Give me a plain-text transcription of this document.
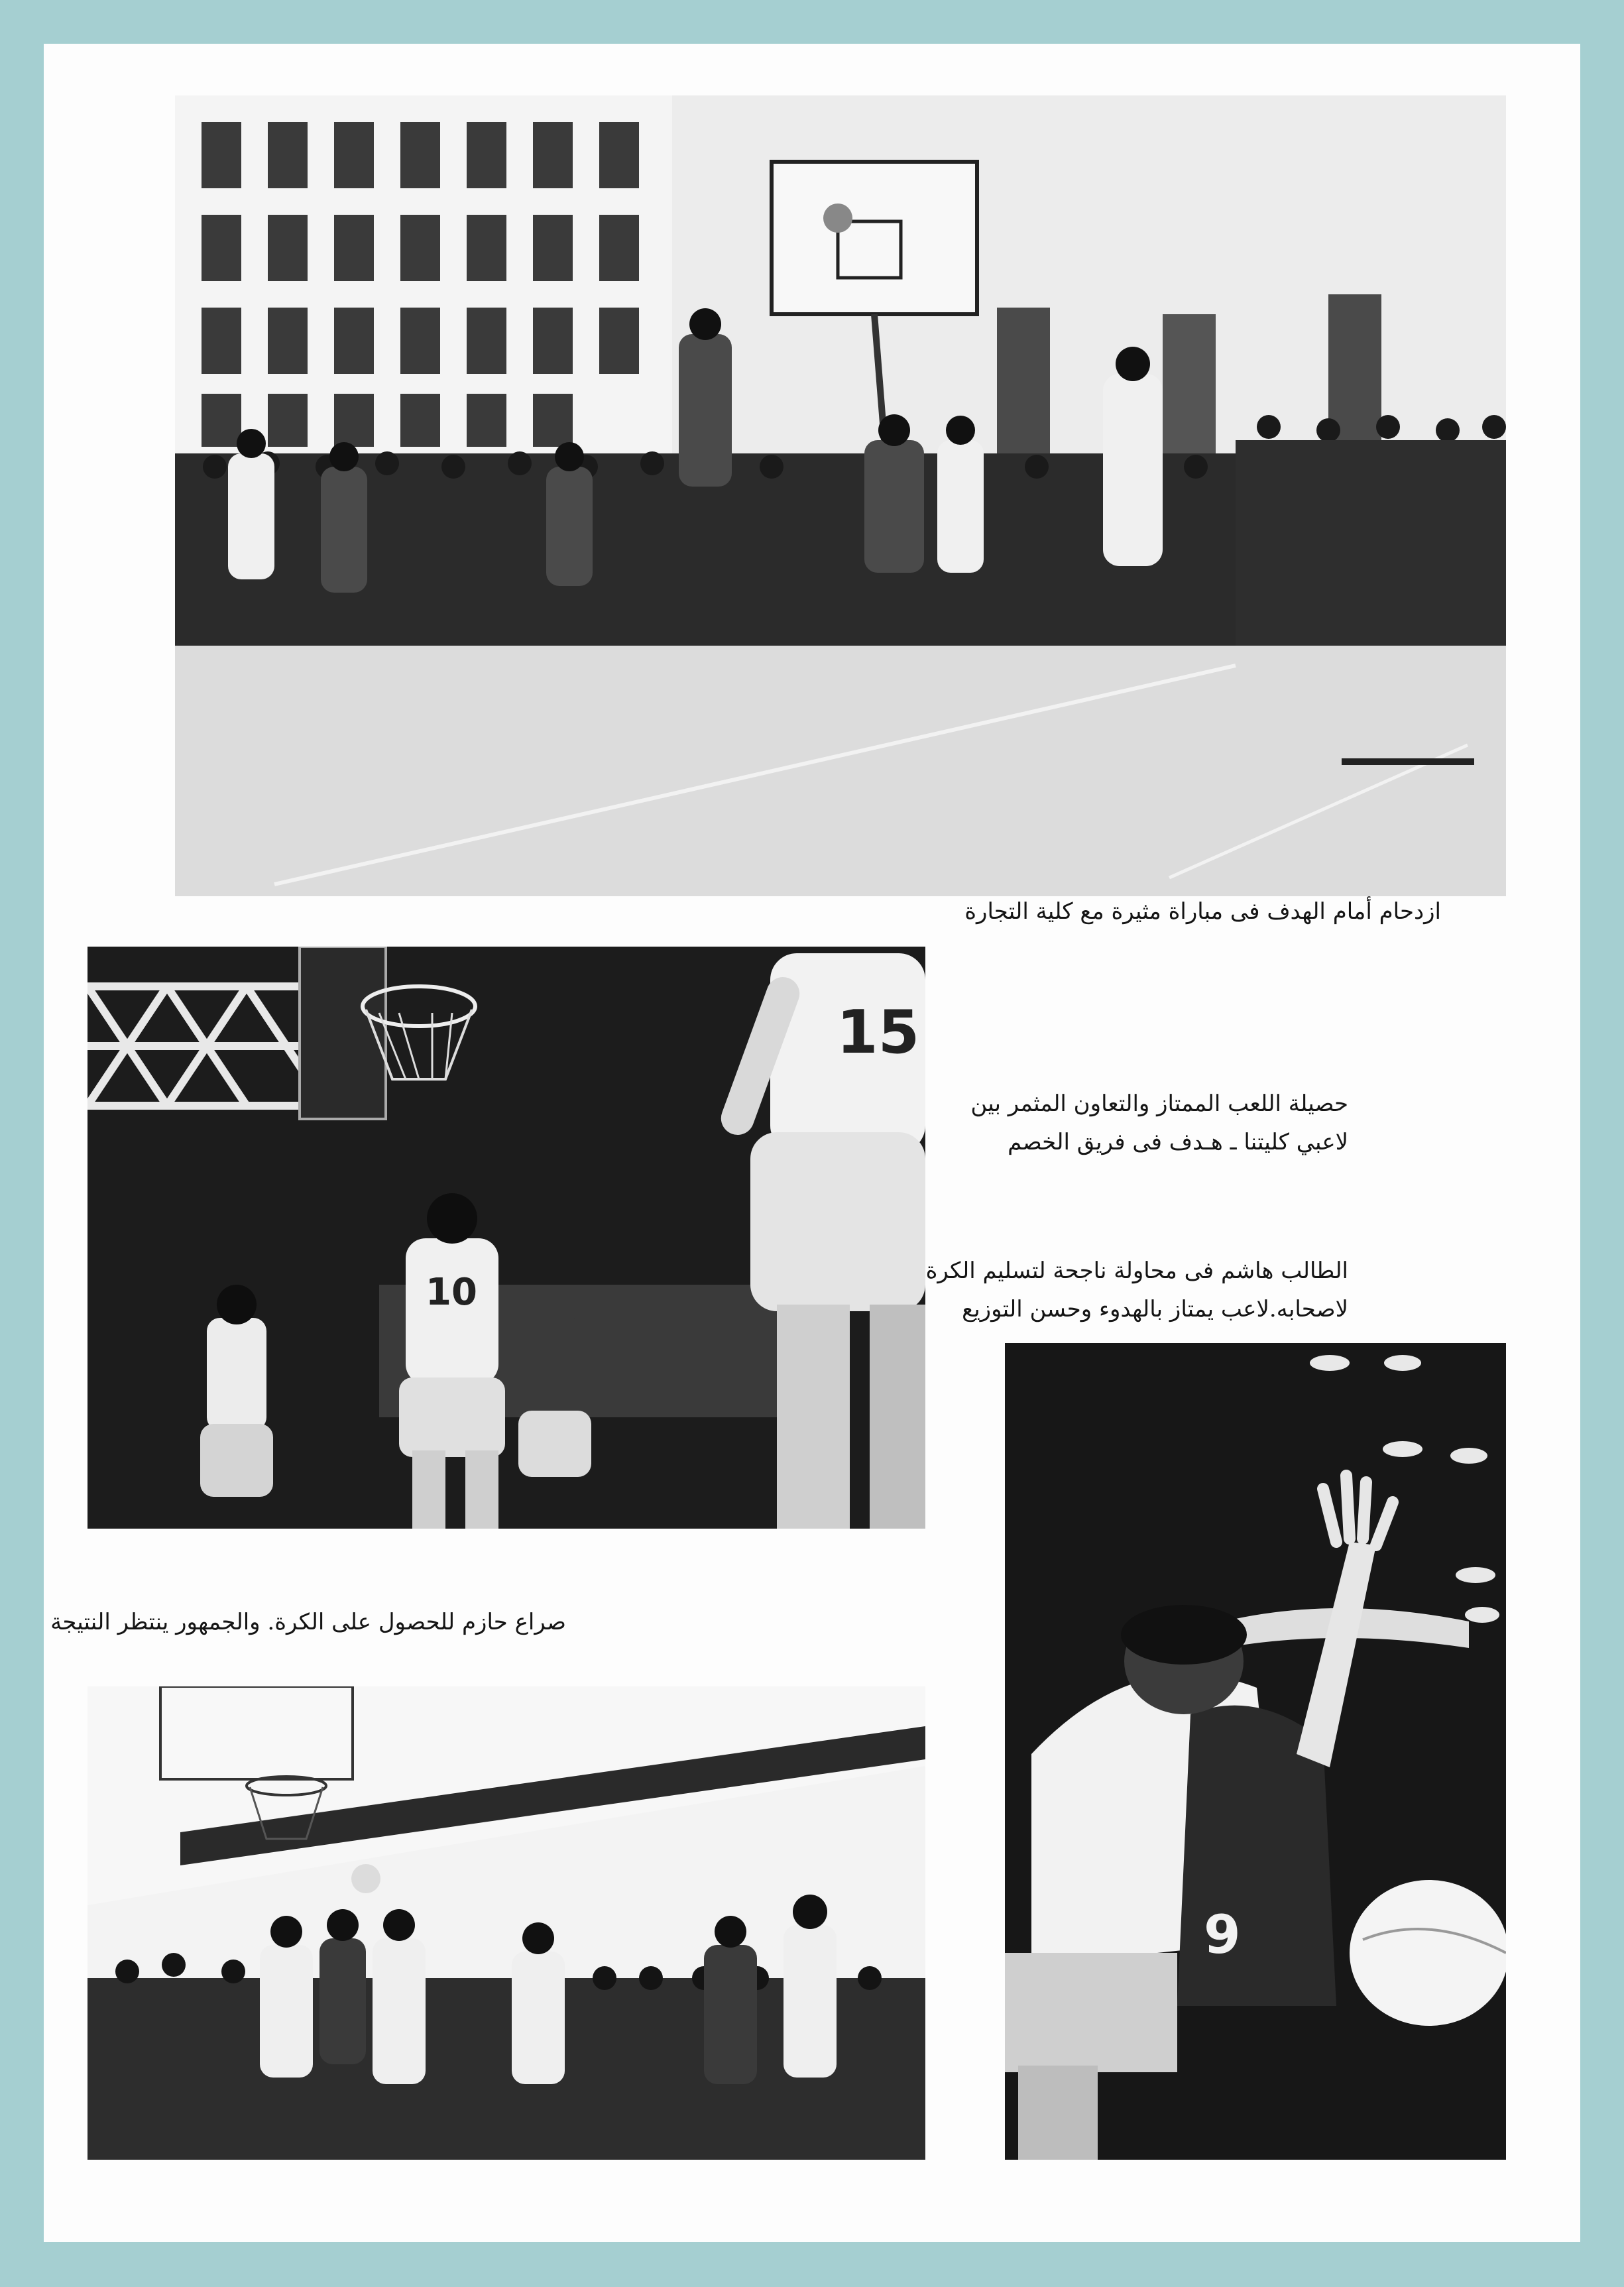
ازدحام أمام الهدف فى مباراة مثيرة مع كلية التجارة
15
10
حصيلة اللعب الممتاز والتعاون المثمر بين
لاعبي كليتنا ـ هـدف فى فريق الخصم
الطالب هاشم فى محاولة ناجحة لتسليم الكرة
لاصحابه.لاعب يمتاز بالهدوء وحسن التوزيع
9
صراع حازم للحصول على الكرة. والجمهور ينتظر النتيجة
